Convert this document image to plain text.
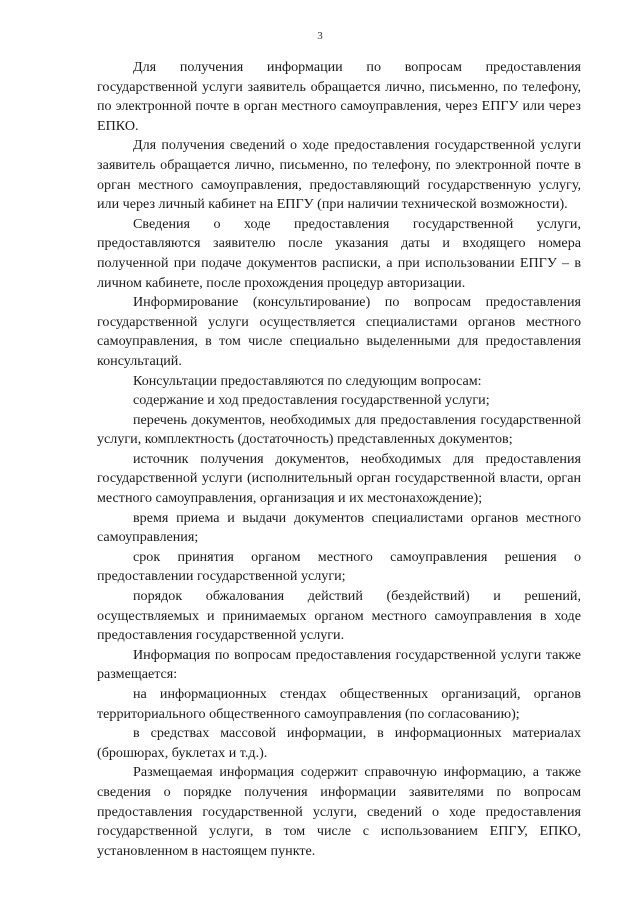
3

Для получения информации по вопросам предоставления государственной услуги заявитель обращается лично, письменно, по телефону, по электронной почте в орган местного самоуправления, через ЕПГУ или через ЕПКО.

Для получения сведений о ходе предоставления государственной услуги заявитель обращается лично, письменно, по телефону, по электронной почте в орган местного самоуправления, предоставляющий государственную услугу, или через личный кабинет на ЕПГУ (при наличии технической возможности).

Сведения о ходе предоставления государственной услуги, предоставляются заявителю после указания даты и входящего номера полученной при подаче документов расписки, а при использовании ЕПГУ – в личном кабинете, после прохождения процедур авторизации.

Информирование (консультирование) по вопросам предоставления государственной услуги осуществляется специалистами органов местного самоуправления, в том числе специально выделенными для предоставления консультаций.

Консультации предоставляются по следующим вопросам:

содержание и ход предоставления государственной услуги;

перечень документов, необходимых для предоставления государственной услуги, комплектность (достаточность) представленных документов;

источник получения документов, необходимых для предоставления государственной услуги (исполнительный орган государственной власти, орган местного самоуправления, организация и их местонахождение);

время приема и выдачи документов специалистами органов местного самоуправления;

срок принятия органом местного самоуправления решения о предоставлении государственной услуги;

порядок обжалования действий (бездействий) и решений, осуществляемых и принимаемых органом местного самоуправления в ходе предоставления государственной услуги.

Информация по вопросам предоставления государственной услуги также размещается:

на информационных стендах общественных организаций, органов территориального общественного самоуправления (по согласованию);

в средствах массовой информации, в информационных материалах (брошюрах, буклетах и т.д.).

Размещаемая информация содержит справочную информацию, а также сведения о порядке получения информации заявителями по вопросам предоставления государственной услуги, сведений о ходе предоставления государственной услуги, в том числе с использованием ЕПГУ, ЕПКО, установленном в настоящем пункте.
